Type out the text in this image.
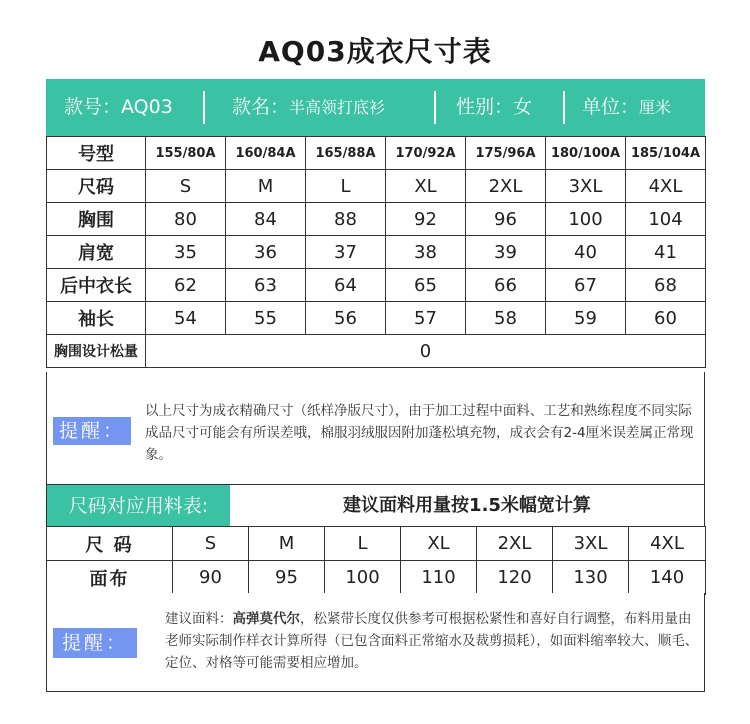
AQ03成衣尺寸表
款号：AQ03	款名：半高领打底衫	性别：女	单位：厘米
号型	155/80A	160/84A	165/88A	170/92A	175/96A	180/100A	185/104A
尺码	S	M	L	XL	2XL	3XL	4XL
胸围	80	84	88	92	96	100	104
肩宽	35	36	37	38	39	40	41
后中衣长	62	63	64	65	66	67	68
袖长	54	55	56	57	58	59	60
胸围设计松量	0						
提醒：
以上尺寸为成衣精确尺寸（纸样净版尺寸），由于加工过程中面料、工艺和熟练程度不同实际成品尺寸可能会有所误差哦，棉服羽绒服因附加蓬松填充物，成衣会有2-4厘米误差属正常现象。
尺码对应用料表:	建议面料用量按1.5米幅宽计算
尺 码	S	M	L	XL	2XL	3XL	4XL
面布	90	95	100	110	120	130	140
提醒：
建议面料：高弹莫代尔，松紧带长度仅供参考可根据松紧性和喜好自行调整，布料用量由老师实际制作样衣计算所得（已包含面料正常缩水及裁剪损耗），如面料缩率较大、顺毛、定位、对格等可能需要相应增加。
